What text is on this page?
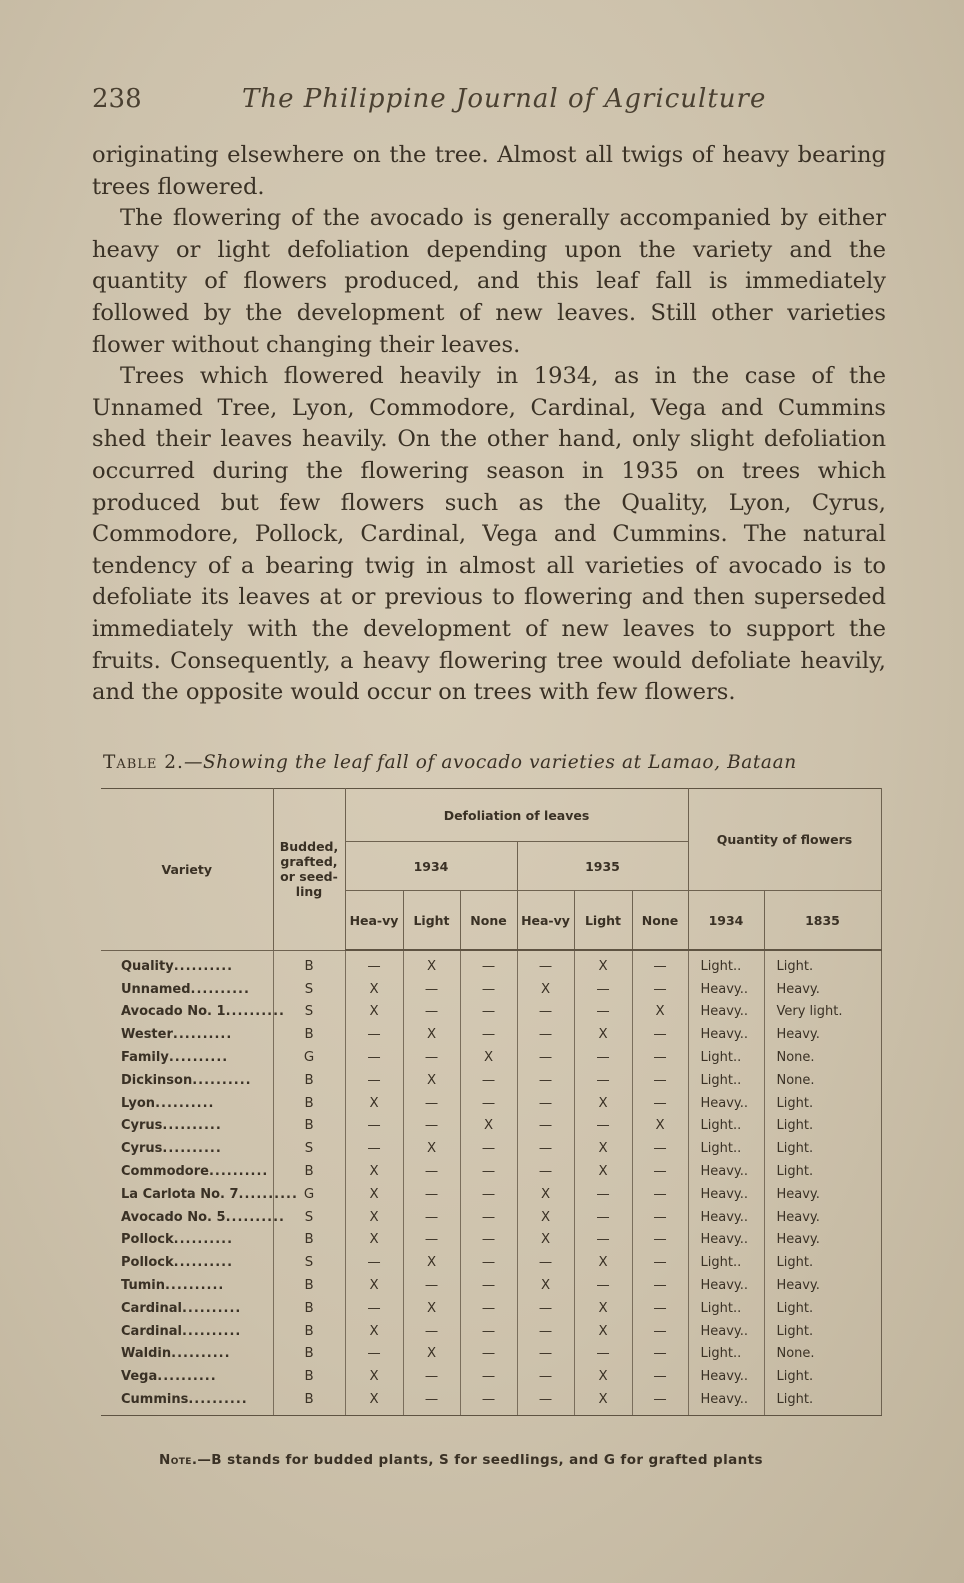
238	The Philippine Journal of Agriculture

originating elsewhere on the tree. Almost all twigs of heavy bearing trees flowered.

The flowering of the avocado is generally accompanied by either heavy or light defoliation depending upon the variety and the quantity of flowers produced, and this leaf fall is immediately followed by the development of new leaves. Still other varieties flower without changing their leaves.

Trees which flowered heavily in 1934, as in the case of the Unnamed Tree, Lyon, Commodore, Cardinal, Vega and Cummins shed their leaves heavily. On the other hand, only slight defoliation occurred during the flowering season in 1935 on trees which produced but few flowers such as the Quality, Lyon, Cyrus, Commodore, Pollock, Cardinal, Vega and Cummins. The natural tendency of a bearing twig in almost all varieties of avocado is to defoliate its leaves at or previous to flowering and then superseded immediately with the development of new leaves to support the fruits. Consequently, a heavy flowering tree would defoliate heavily, and the opposite would occur on trees with few flowers.

Table 2.—Showing the leaf fall of avocado varieties at Lamao, Bataan
Variety	Budded, grafted, or seed-ling	Defoliation of leaves						Quantity of flowers	
		1934			1935				
		Hea-vy	Light	None	Hea-vy	Light	None	1934	1835
Quality..........	B	—	X	—	—	X	—	Light..	Light.
Unnamed..........	S	X	—	—	X	—	—	Heavy..	Heavy.
Avocado No. 1..........	S	X	—	—	—	—	X	Heavy..	Very light.
Wester..........	B	—	X	—	—	X	—	Heavy..	Heavy.
Family..........	G	—	—	X	—	—	—	Light..	None.
Dickinson..........	B	—	X	—	—	—	—	Light..	None.
Lyon..........	B	X	—	—	—	X	—	Heavy..	Light.
Cyrus..........	B	—	—	X	—	—	X	Light..	Light.
Cyrus..........	S	—	X	—	—	X	—	Light..	Light.
Commodore..........	B	X	—	—	—	X	—	Heavy..	Light.
La Carlota No. 7..........	G	X	—	—	X	—	—	Heavy..	Heavy.
Avocado No. 5..........	S	X	—	—	X	—	—	Heavy..	Heavy.
Pollock..........	B	X	—	—	X	—	—	Heavy..	Heavy.
Pollock..........	S	—	X	—	—	X	—	Light..	Light.
Tumin..........	B	X	—	—	X	—	—	Heavy..	Heavy.
Cardinal..........	B	—	X	—	—	X	—	Light..	Light.
Cardinal..........	B	X	—	—	—	X	—	Heavy..	Light.
Waldin..........	B	—	X	—	—	—	—	Light..	None.
Vega..........	B	X	—	—	—	X	—	Heavy..	Light.
Cummins..........	B	X	—	—	—	X	—	Heavy..	Light.
Note.—B stands for budded plants, S for seedlings, and G for grafted plants
